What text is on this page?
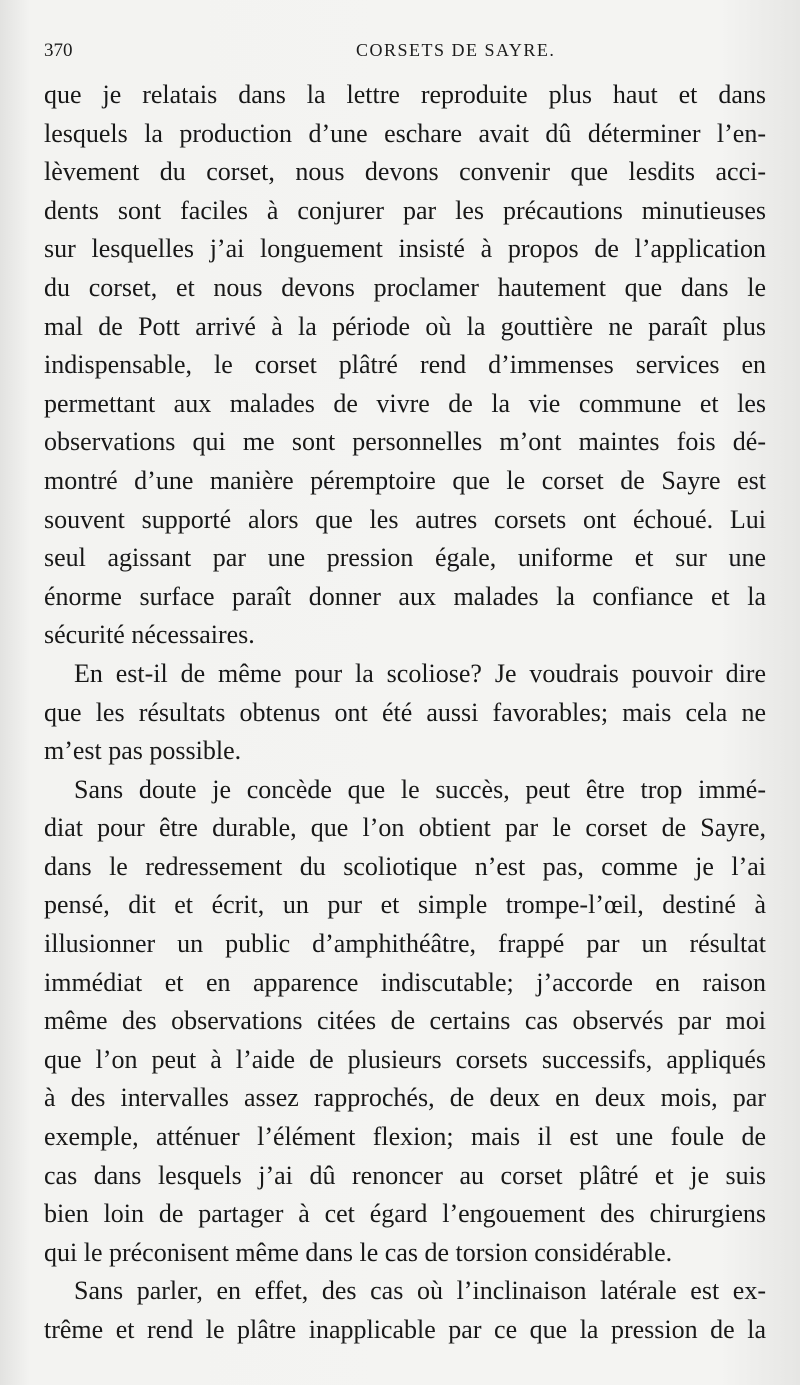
370	CORSETS DE SAYRE.
que je relatais dans la lettre reproduite plus haut et dans
lesquels la production d’une eschare avait dû déterminer l’en-
lèvement du corset, nous devons convenir que lesdits acci-
dents sont faciles à conjurer par les précautions minutieuses
sur lesquelles j’ai longuement insisté à propos de l’application
du corset, et nous devons proclamer hautement que dans le
mal de Pott arrivé à la période où la gouttière ne paraît plus
indispensable, le corset plâtré rend d’immenses services en
permettant aux malades de vivre de la vie commune et les
observations qui me sont personnelles m’ont maintes fois dé-
montré d’une manière péremptoire que le corset de Sayre est
souvent supporté alors que les autres corsets ont échoué. Lui
seul agissant par une pression égale, uniforme et sur une
énorme surface paraît donner aux malades la confiance et la
sécurité nécessaires.
En est-il de même pour la scoliose? Je voudrais pouvoir dire
que les résultats obtenus ont été aussi favorables; mais cela ne
m’est pas possible.
Sans doute je concède que le succès, peut être trop immé-
diat pour être durable, que l’on obtient par le corset de Sayre,
dans le redressement du scoliotique n’est pas, comme je l’ai
pensé, dit et écrit, un pur et simple trompe-l’œil, destiné à
illusionner un public d’amphithéâtre, frappé par un résultat
immédiat et en apparence indiscutable; j’accorde en raison
même des observations citées de certains cas observés par moi
que l’on peut à l’aide de plusieurs corsets successifs, appliqués
à des intervalles assez rapprochés, de deux en deux mois, par
exemple, atténuer l’élément flexion; mais il est une foule de
cas dans lesquels j’ai dû renoncer au corset plâtré et je suis
bien loin de partager à cet égard l’engouement des chirurgiens
qui le préconisent même dans le cas de torsion considérable.
Sans parler, en effet, des cas où l’inclinaison latérale est ex-
trême et rend le plâtre inapplicable par ce que la pression de la
